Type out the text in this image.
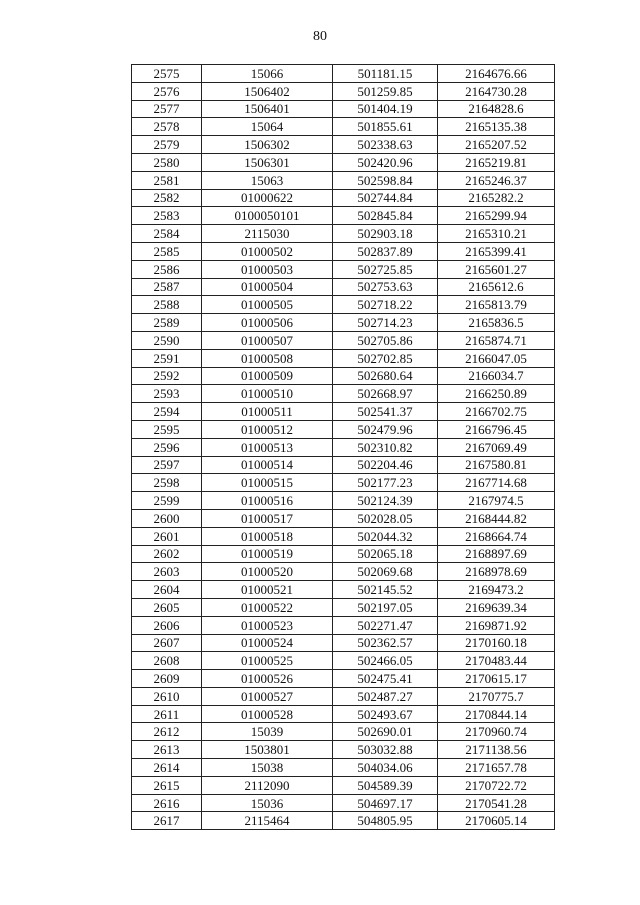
80
2575	15066	501181.15	2164676.66
2576	1506402	501259.85	2164730.28
2577	1506401	501404.19	2164828.6
2578	15064	501855.61	2165135.38
2579	1506302	502338.63	2165207.52
2580	1506301	502420.96	2165219.81
2581	15063	502598.84	2165246.37
2582	01000622	502744.84	2165282.2
2583	0100050101	502845.84	2165299.94
2584	2115030	502903.18	2165310.21
2585	01000502	502837.89	2165399.41
2586	01000503	502725.85	2165601.27
2587	01000504	502753.63	2165612.6
2588	01000505	502718.22	2165813.79
2589	01000506	502714.23	2165836.5
2590	01000507	502705.86	2165874.71
2591	01000508	502702.85	2166047.05
2592	01000509	502680.64	2166034.7
2593	01000510	502668.97	2166250.89
2594	01000511	502541.37	2166702.75
2595	01000512	502479.96	2166796.45
2596	01000513	502310.82	2167069.49
2597	01000514	502204.46	2167580.81
2598	01000515	502177.23	2167714.68
2599	01000516	502124.39	2167974.5
2600	01000517	502028.05	2168444.82
2601	01000518	502044.32	2168664.74
2602	01000519	502065.18	2168897.69
2603	01000520	502069.68	2168978.69
2604	01000521	502145.52	2169473.2
2605	01000522	502197.05	2169639.34
2606	01000523	502271.47	2169871.92
2607	01000524	502362.57	2170160.18
2608	01000525	502466.05	2170483.44
2609	01000526	502475.41	2170615.17
2610	01000527	502487.27	2170775.7
2611	01000528	502493.67	2170844.14
2612	15039	502690.01	2170960.74
2613	1503801	503032.88	2171138.56
2614	15038	504034.06	2171657.78
2615	2112090	504589.39	2170722.72
2616	15036	504697.17	2170541.28
2617	2115464	504805.95	2170605.14
